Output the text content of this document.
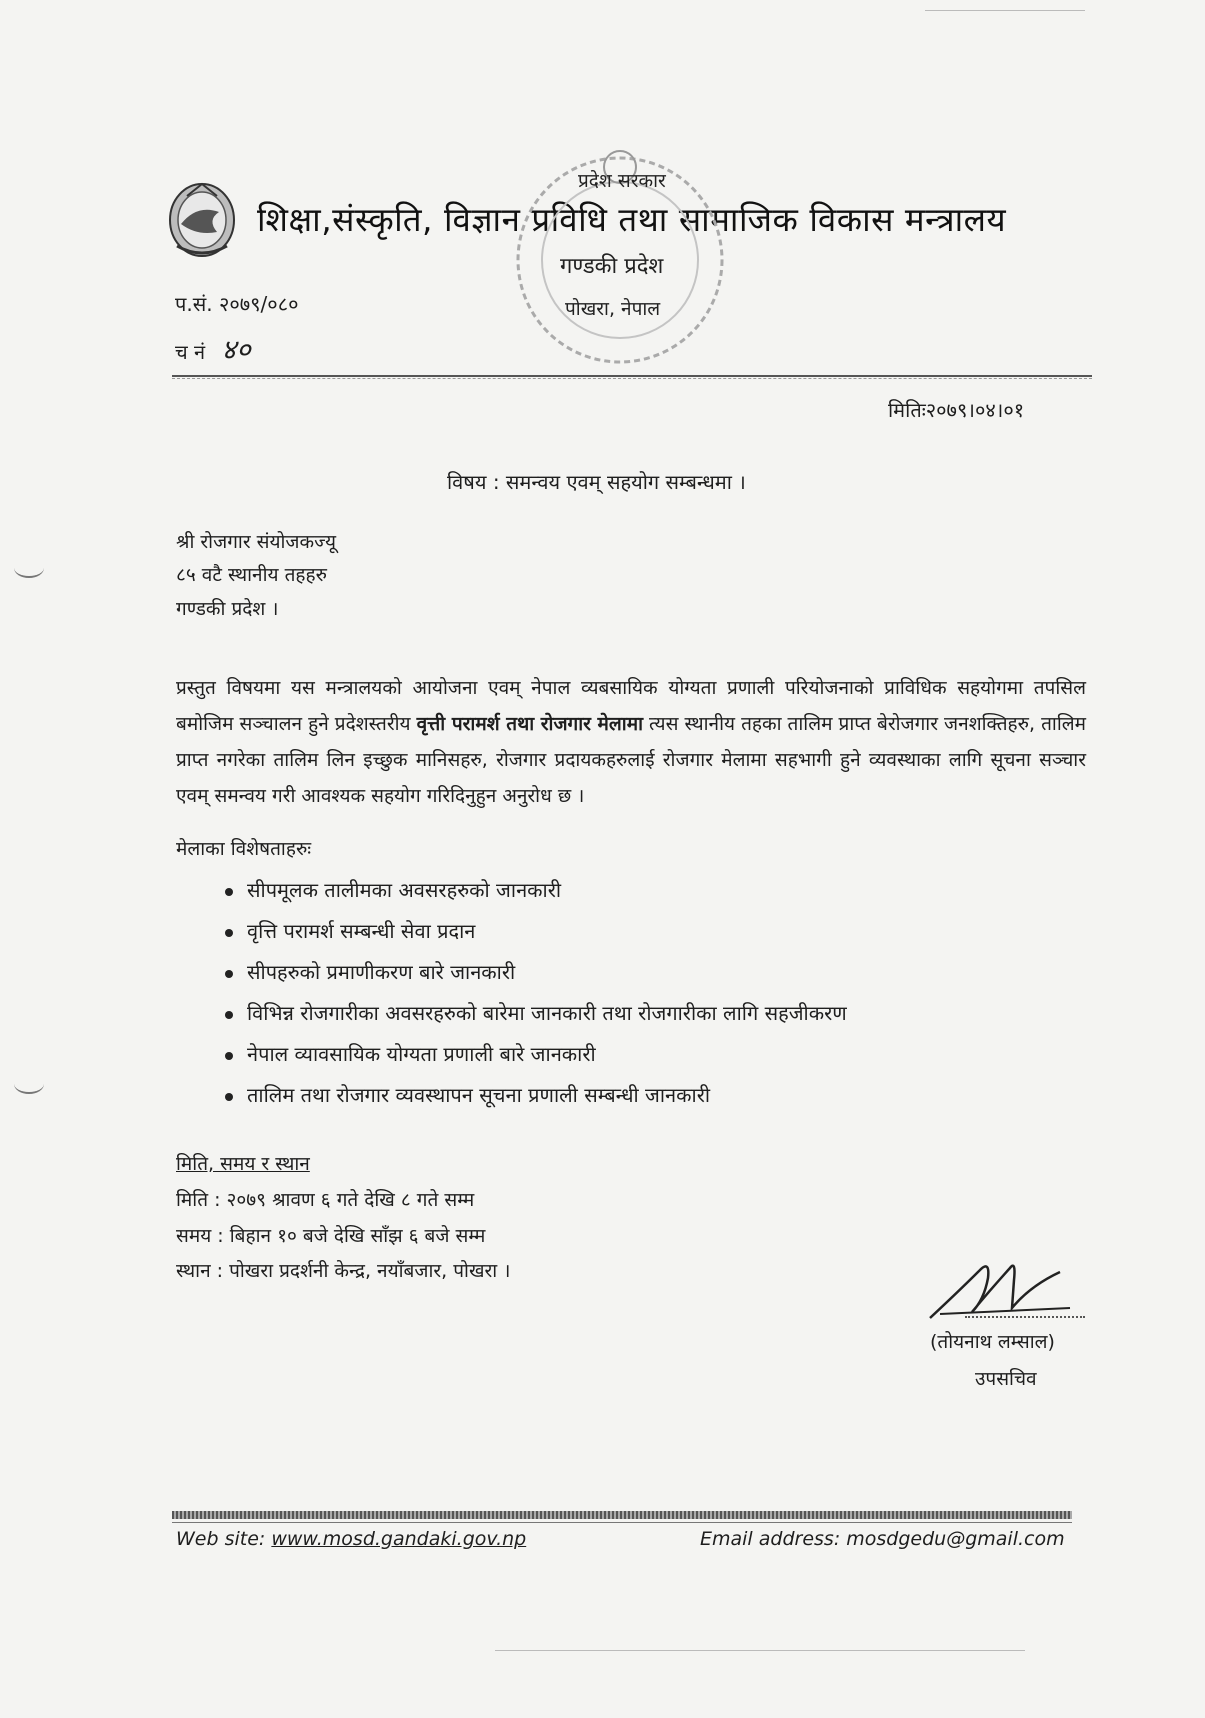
शिक्षा,संस्कृति, विज्ञान प्रविधि तथा सामाजिक विकास मन्त्रालय
प्रदेश सरकार
गण्डकी प्रदेश
पोखरा, नेपाल
प.सं. २०७९/०८०
च नं ४०
मितिः२०७९।०४।०१
विषय : समन्वय एवम् सहयोग सम्बन्धमा ।
श्री रोजगार संयोजकज्यू
८५ वटै स्थानीय तहहरु
गण्डकी प्रदेश ।
प्रस्तुत विषयमा यस मन्त्रालयको आयोजना एवम् नेपाल व्यबसायिक योग्यता प्रणाली परियोजनाको प्राविधिक सहयोगमा तपसिल बमोजिम सञ्चालन हुने प्रदेशस्तरीय वृत्ती परामर्श तथा रोजगार मेलामा त्यस स्थानीय तहका तालिम प्राप्त बेरोजगार जनशक्तिहरु, तालिम प्राप्त नगरेका तालिम लिन इच्छुक मानिसहरु, रोजगार प्रदायकहरुलाई रोजगार मेलामा सहभागी हुने व्यवस्थाका लागि सूचना सञ्चार एवम् समन्वय गरी आवश्यक सहयोग गरिदिनुहुन अनुरोध छ ।
मेलाका विशेषताहरुः
सीपमूलक तालीमका अवसरहरुको जानकारी
वृत्ति परामर्श सम्बन्धी सेवा प्रदान
सीपहरुको प्रमाणीकरण बारे जानकारी
विभिन्न रोजगारीका अवसरहरुको बारेमा जानकारी तथा रोजगारीका लागि सहजीकरण
नेपाल व्यावसायिक योग्यता प्रणाली बारे जानकारी
तालिम तथा रोजगार व्यवस्थापन सूचना प्रणाली सम्बन्धी जानकारी
मिति, समय र स्थान
मिति : २०७९ श्रावण ६ गते देखि ८ गते सम्म
समय : बिहान १० बजे देखि साँझ ६ बजे सम्म
स्थान : पोखरा प्रदर्शनी केन्द्र, नयाँबजार, पोखरा ।
(तोयनाथ लम्साल)
उपसचिव
Web site: www.mosd.gandaki.gov.np	Email address: mosdgedu@gmail.com
